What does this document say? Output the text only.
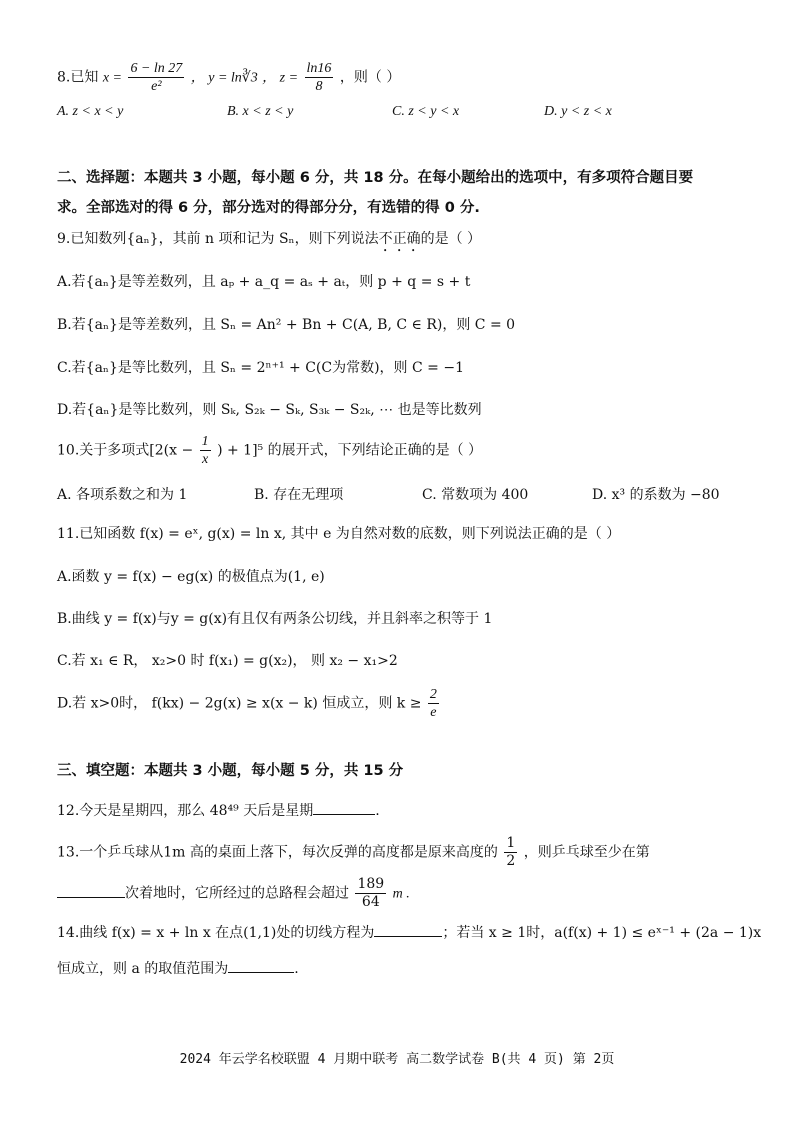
8.已知 $x = \frac{6 - \ln 27}{\text{e²}}$ ， y = ln∛3 ， $z = \frac{\ln 16}{8}$ ，则（ ）
A. z < x < y	B. x < z < y	C. z < y < x	D. y < z < x
二、选择题：本题共 3 小题，每小题 6 分，共 18 分。在每小题给出的选项中，有多项符合题目要
求。全部选对的得 6 分，部分选对的得部分分，有选错的得 0 分.
9.已知数列{aₙ}，其前 n 项和记为 Sₙ，则下列说法不正确的是（ ）
A.若{aₙ}是等差数列，且 aₚ + a_q = aₛ + aₜ，则 p + q = s + t
B.若{aₙ}是等差数列，且 Sₙ = An² + Bn + C(A, B, C ∈ R)，则 C = 0
C.若{aₙ}是等比数列，且 Sₙ = 2ⁿ⁺¹ + C(C为常数)，则 C = −1
D.若{aₙ}是等比数列，则 Sₖ, S₂ₖ − Sₖ, S₃ₖ − S₂ₖ, ⋯ 也是等比数列
10.关于多项式[$2(x - \frac{1}{x}$ ) + 1]⁵ 的展开式，下列结论正确的是（ ）
A. 各项系数之和为 1	B. 存在无理项	C. 常数项为 400	D. x³ 的系数为 −80
11.已知函数 f(x) = eˣ, g(x) = ln x, 其中 e 为自然对数的底数，则下列说法正确的是（ ）
A.函数 y = f(x) − eg(x) 的极值点为(1, e)
B.曲线 y = f(x)与y = g(x)有且仅有两条公切线，并且斜率之积等于 1
C.若 x₁ ∈ R， x₂>0 时 f(x₁) = g(x₂)， 则 x₂ − x₁>2
D.若 x>0时， f(kx) − 2g(x) ≥ x(x − k) 恒成立，则 $k \ge \frac{2}{e}$
三、填空题：本题共 3 小题，每小题 5 分，共 15 分
12.今天是星期四，那么 48⁴⁹ 天后是星期	.
13.一个乒乓球从1m 高的桌面上落下，每次反弹的高度都是原来高度的 $\frac{1}{2}$ ，则乒乓球至少在第
次着地时，它所经过的总路程会超过 $\frac{189}{64}$ m .
14.曲线 f(x) = x + ln x 在点(1,1)处的切线方程为	；若当 x ≥ 1时，a(f(x) + 1) ≤ eˣ⁻¹ + (2a − 1)x
恒成立，则 a 的取值范围为	.
2024 年云学名校联盟 4 月期中联考 高二数学试卷 B(共 4 页) 第 2页
